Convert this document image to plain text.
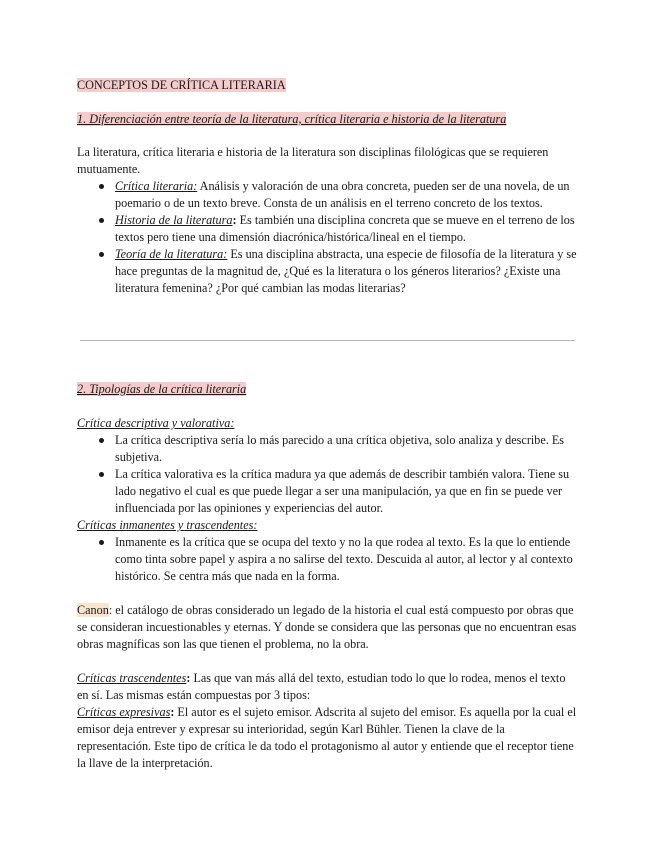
CONCEPTOS DE CRÍTICA LITERARIA
1. Diferenciación entre teoría de la literatura, crítica literaria e historia de la literatura

La literatura, crítica literaria e historia de la literatura son disciplinas filológicas que se requieren mutuamente.

Crítica literaria: Análisis y valoración de una obra concreta, pueden ser de una novela, de un poemario o de un texto breve. Consta de un análisis en el terreno concreto de los textos.
Historia de la literatura: Es también una disciplina concreta que se mueve en el terreno de los textos pero tiene una dimensión diacrónica/histórica/lineal en el tiempo.
Teoría de la literatura: Es una disciplina abstracta, una especie de filosofía de la literatura y se hace preguntas de la magnitud de, ¿Qué es la literatura o los géneros literarios? ¿Existe una literatura femenina? ¿Por qué cambian las modas literarias?
2. Tipologías de la crítica literaria

Crítica descriptiva y valorativa:

La crítica descriptiva sería lo más parecido a una crítica objetiva, solo analiza y describe. Es subjetiva.
La crítica valorativa es la crítica madura ya que además de describir también valora. Tiene su lado negativo el cual es que puede llegar a ser una manipulación, ya que en fin se puede ver influenciada por las opiniones y experiencias del autor.

Críticas inmanentes y trascendentes:

Inmanente es la crítica que se ocupa del texto y no la que rodea al texto. Es la que lo entiende como tinta sobre papel y aspira a no salirse del texto. Descuida al autor, al lector y al contexto histórico. Se centra más que nada en la forma.

Canon: el catálogo de obras considerado un legado de la historia el cual está compuesto por obras que se consideran incuestionables y eternas. Y donde se considera que las personas que no encuentran esas obras magníficas son las que tienen el problema, no la obra.

Críticas trascendentes: Las que van más allá del texto, estudian todo lo que lo rodea, menos el texto en sí. Las mismas están compuestas por 3 tipos:

Críticas expresivas: El autor es el sujeto emisor. Adscrita al sujeto del emisor. Es aquella por la cual el emisor deja entrever y expresar su interioridad, según Karl Bühler. Tienen la clave de la representación. Este tipo de crítica le da todo el protagonismo al autor y entiende que el receptor tiene la llave de la interpretación.
